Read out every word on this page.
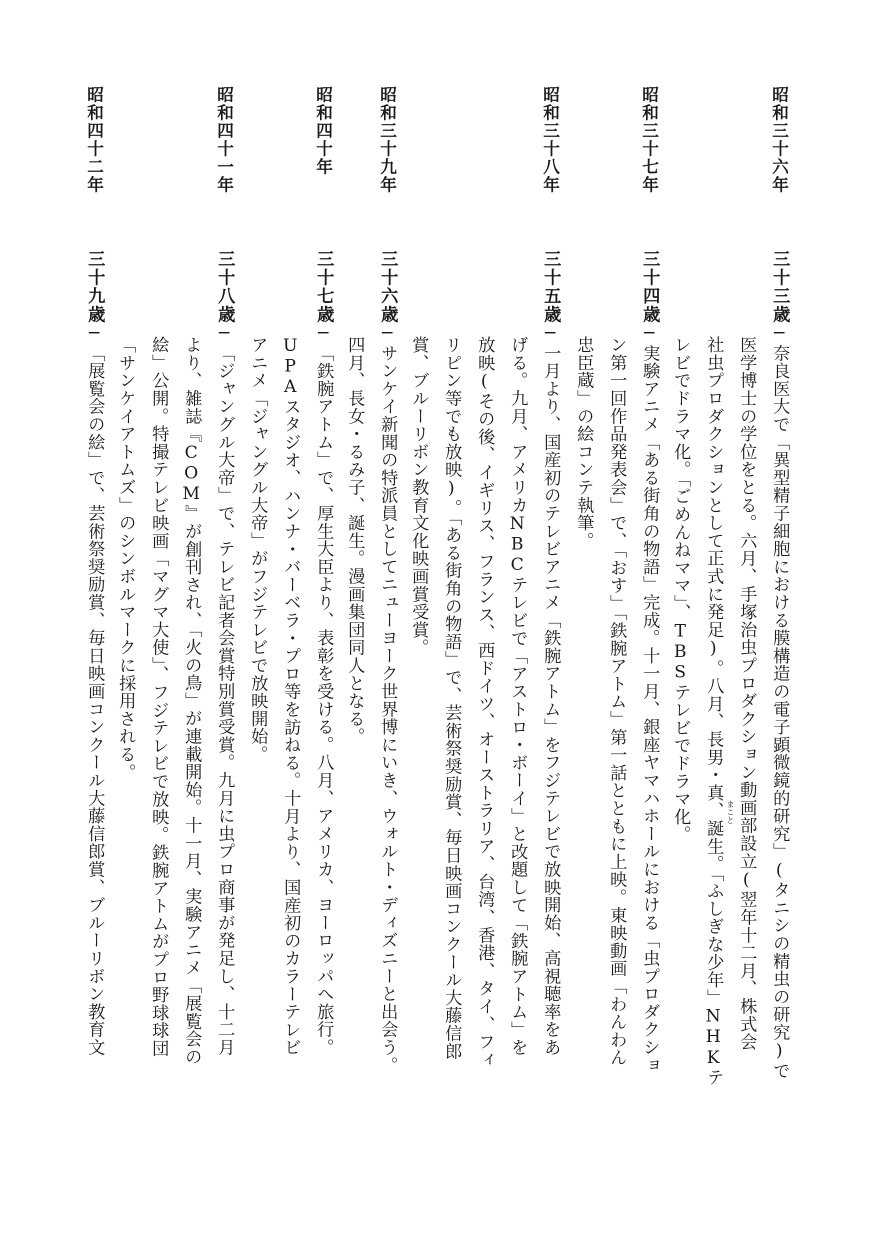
昭和三十六年
三十三歳─奈良医大で「異型精子細胞における膜構造の電子顕微鏡的研究」(タニシの精虫の研究)で
医学博士の学位をとる。六月、手塚治虫プロダクション動画部設立(翌年十二月、株式会
社虫プロダクションとして正式に発足)。八月、長男・真、誕生。「ふしぎな少年」NHKテ
レビでドラマ化。「ごめんねママ」、TBSテレビでドラマ化。	まこと
昭和三十七年
三十四歳─実験アニメ「ある街角の物語」完成。十一月、銀座ヤマハホールにおける「虫プロダクショ
ン第一回作品発表会」で、「おす」「鉄腕アトム」第一話とともに上映。東映動画「わんわん
忠臣蔵」の絵コンテ執筆。
昭和三十八年
三十五歳─一月より、国産初のテレビアニメ「鉄腕アトム」をフジテレビで放映開始、高視聴率をあ
げる。九月、アメリカNBCテレビで「アストロ・ボーイ」と改題して「鉄腕アトム」を
放映(その後、イギリス、フランス、西ドイツ、オーストラリア、台湾、香港、タイ、フィ
リピン等でも放映)。「ある街角の物語」で、芸術祭奨励賞、毎日映画コンクール大藤信郎
賞、ブルーリボン教育文化映画賞受賞。
昭和三十九年
三十六歳─サンケイ新聞の特派員としてニューヨーク世界博にいき、ウォルト・ディズニーと出会う。
四月、長女・るみ子、誕生。漫画集団同人となる。
昭和四十年
三十七歳─「鉄腕アトム」で、厚生大臣より、表彰を受ける。八月、アメリカ、ヨーロッパへ旅行。
UPAスタジオ、ハンナ・バーベラ・プロ等を訪ねる。十月より、国産初のカラーテレビ
アニメ「ジャングル大帝」がフジテレビで放映開始。
昭和四十一年
三十八歳─「ジャングル大帝」で、テレビ記者会賞特別賞受賞。九月に虫プロ商事が発足し、十二月
より、雑誌『COM』が創刊され、「火の鳥」が連載開始。十一月、実験アニメ「展覧会の
絵」公開。特撮テレビ映画「マグマ大使」、フジテレビで放映。鉄腕アトムがプロ野球球団
「サンケイアトムズ」のシンボルマークに採用される。
昭和四十二年
三十九歳─「展覧会の絵」で、芸術祭奨励賞、毎日映画コンクール大藤信郎賞、ブルーリボン教育文
